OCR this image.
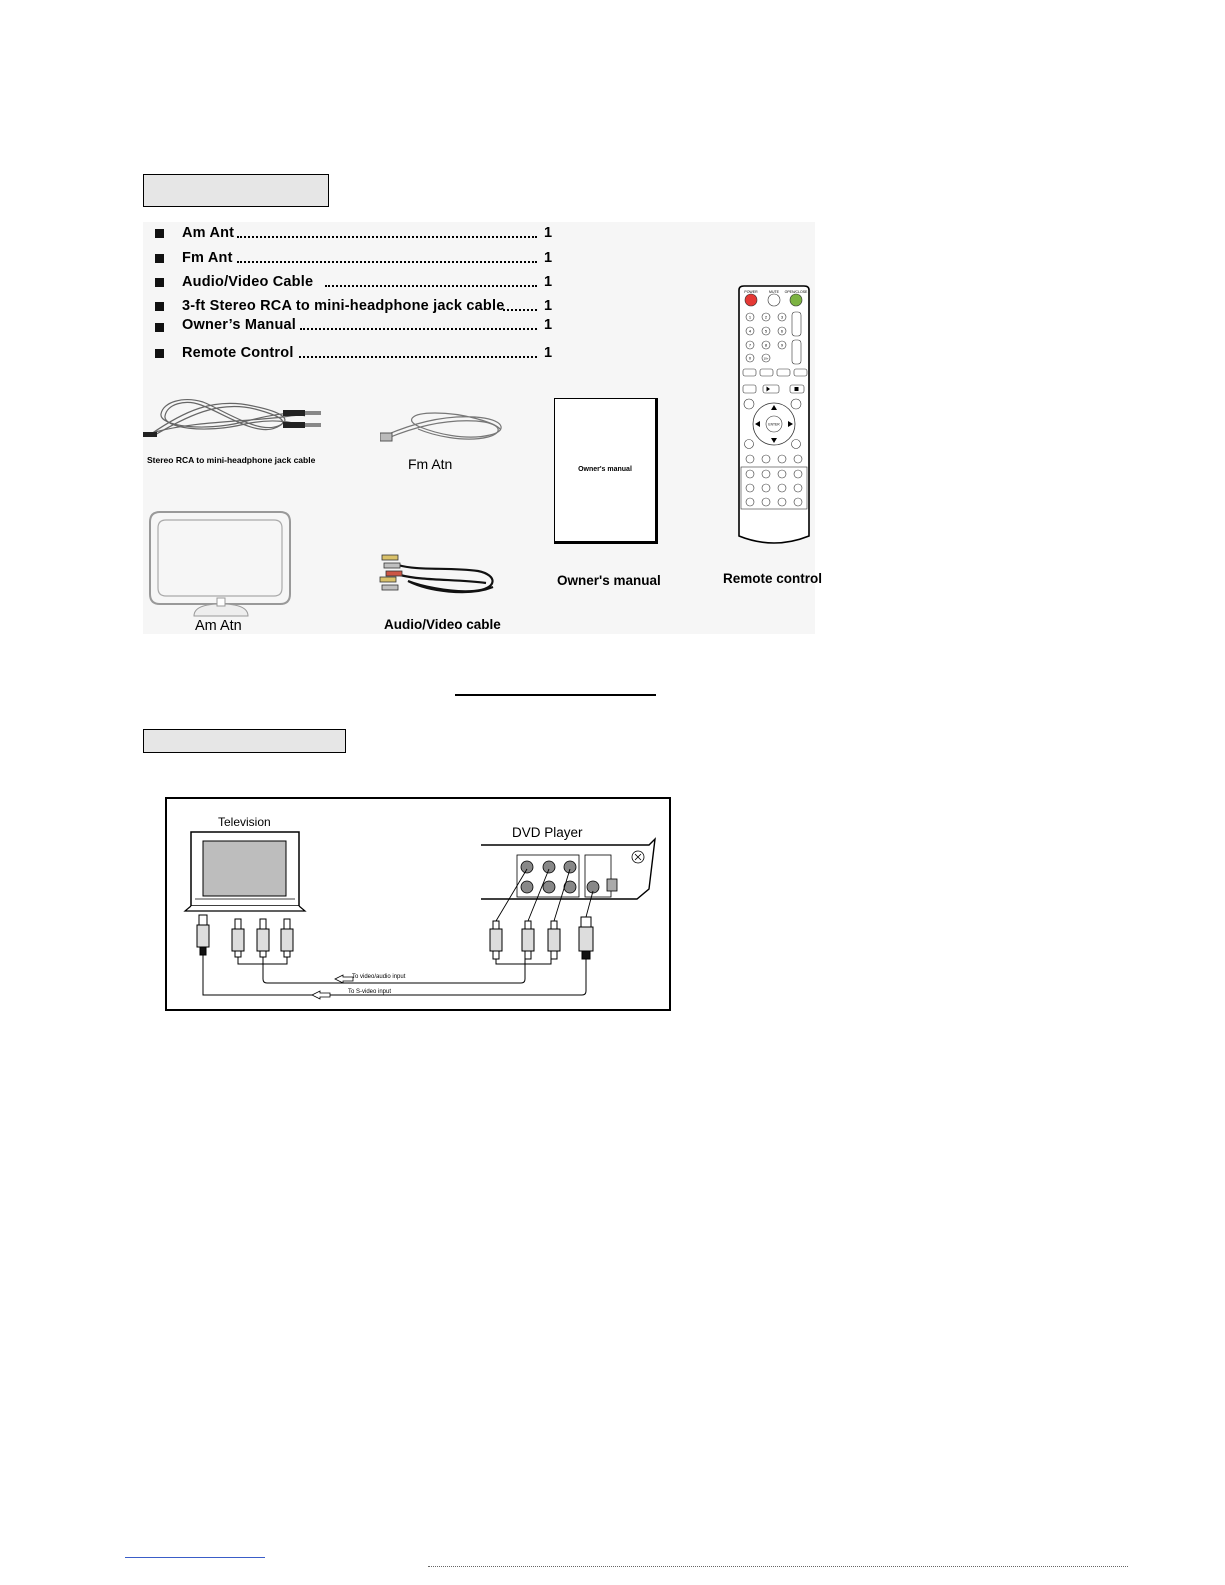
Am Ant	1
Fm Ant	1
Audio/Video Cable	1
3-ft Stereo RCA to mini-headphone jack cable	1
Owner’s Manual	1
Remote Control	1
Stereo RCA to mini-headphone jack cable	Fm Atn	Owner's manual
Owner's manual
POWER	MUTE OPEN/CLOSE
1	2	3
4	5	6
7	8	9
0	10+
ENTER
Remote control
Am Atn	Audio/Video cable
Television
DVD Player
To video/audio input
To S-video input
